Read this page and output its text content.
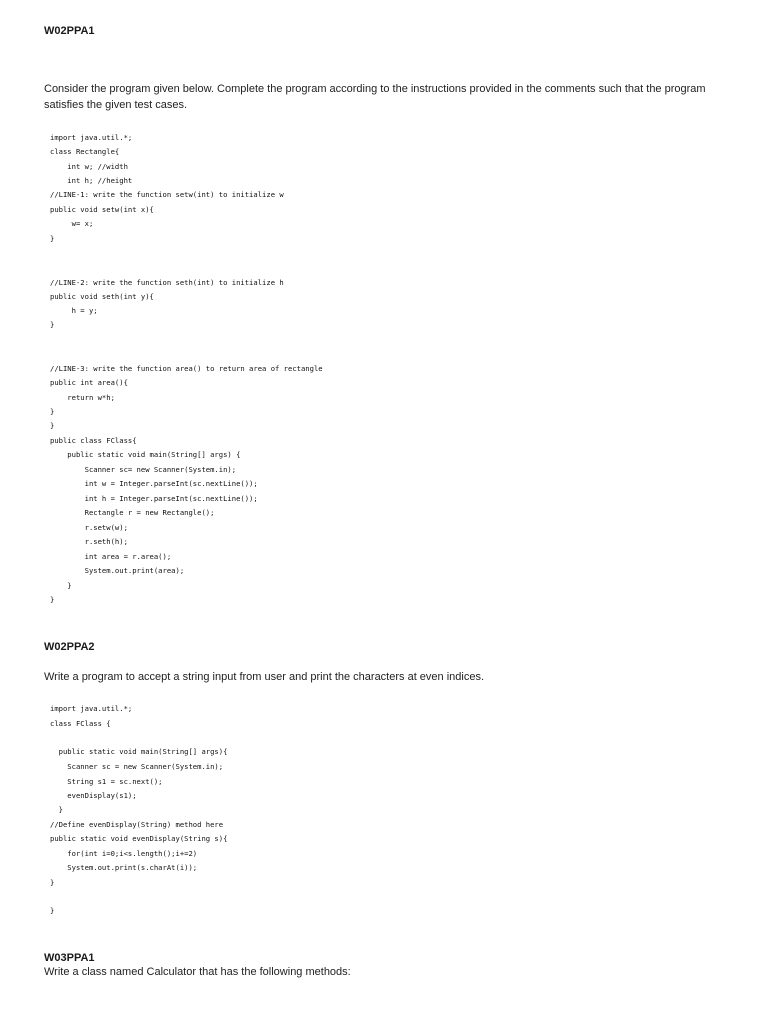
W02PPA1
Consider the program given below. Complete the program according to the instructions provided in the comments such that the program satisfies the given test cases.

import java.util.*;

class Rectangle{

int w; //width

int h; //height

//LINE-1: write the function setw(int) to initialize w

public void setw(int x){

w= x;

}

//LINE-2: write the function seth(int) to initialize h

public void seth(int y){

h = y;

}

//LINE-3: write the function area() to return area of rectangle

public int area(){

return w*h;

}

}

public class FClass{

public static void main(String[] args) {

Scanner sc= new Scanner(System.in);

int w = Integer.parseInt(sc.nextLine());

int h = Integer.parseInt(sc.nextLine());

Rectangle r = new Rectangle();

r.setw(w);

r.seth(h);

int area = r.area();

System.out.print(area);

}

}

W02PPA2
Write a program to accept a string input from user and print the characters at even indices.

import java.util.*;

class FClass {

public static void main(String[] args){

Scanner sc = new Scanner(System.in);

String s1 = sc.next();

evenDisplay(s1);

}

//Define evenDisplay(String) method here

public static void evenDisplay(String s){

for(int i=0;i<s.length();i+=2)

System.out.print(s.charAt(i));

}

}

W03PPA1
Write a class named Calculator that has the following methods:
